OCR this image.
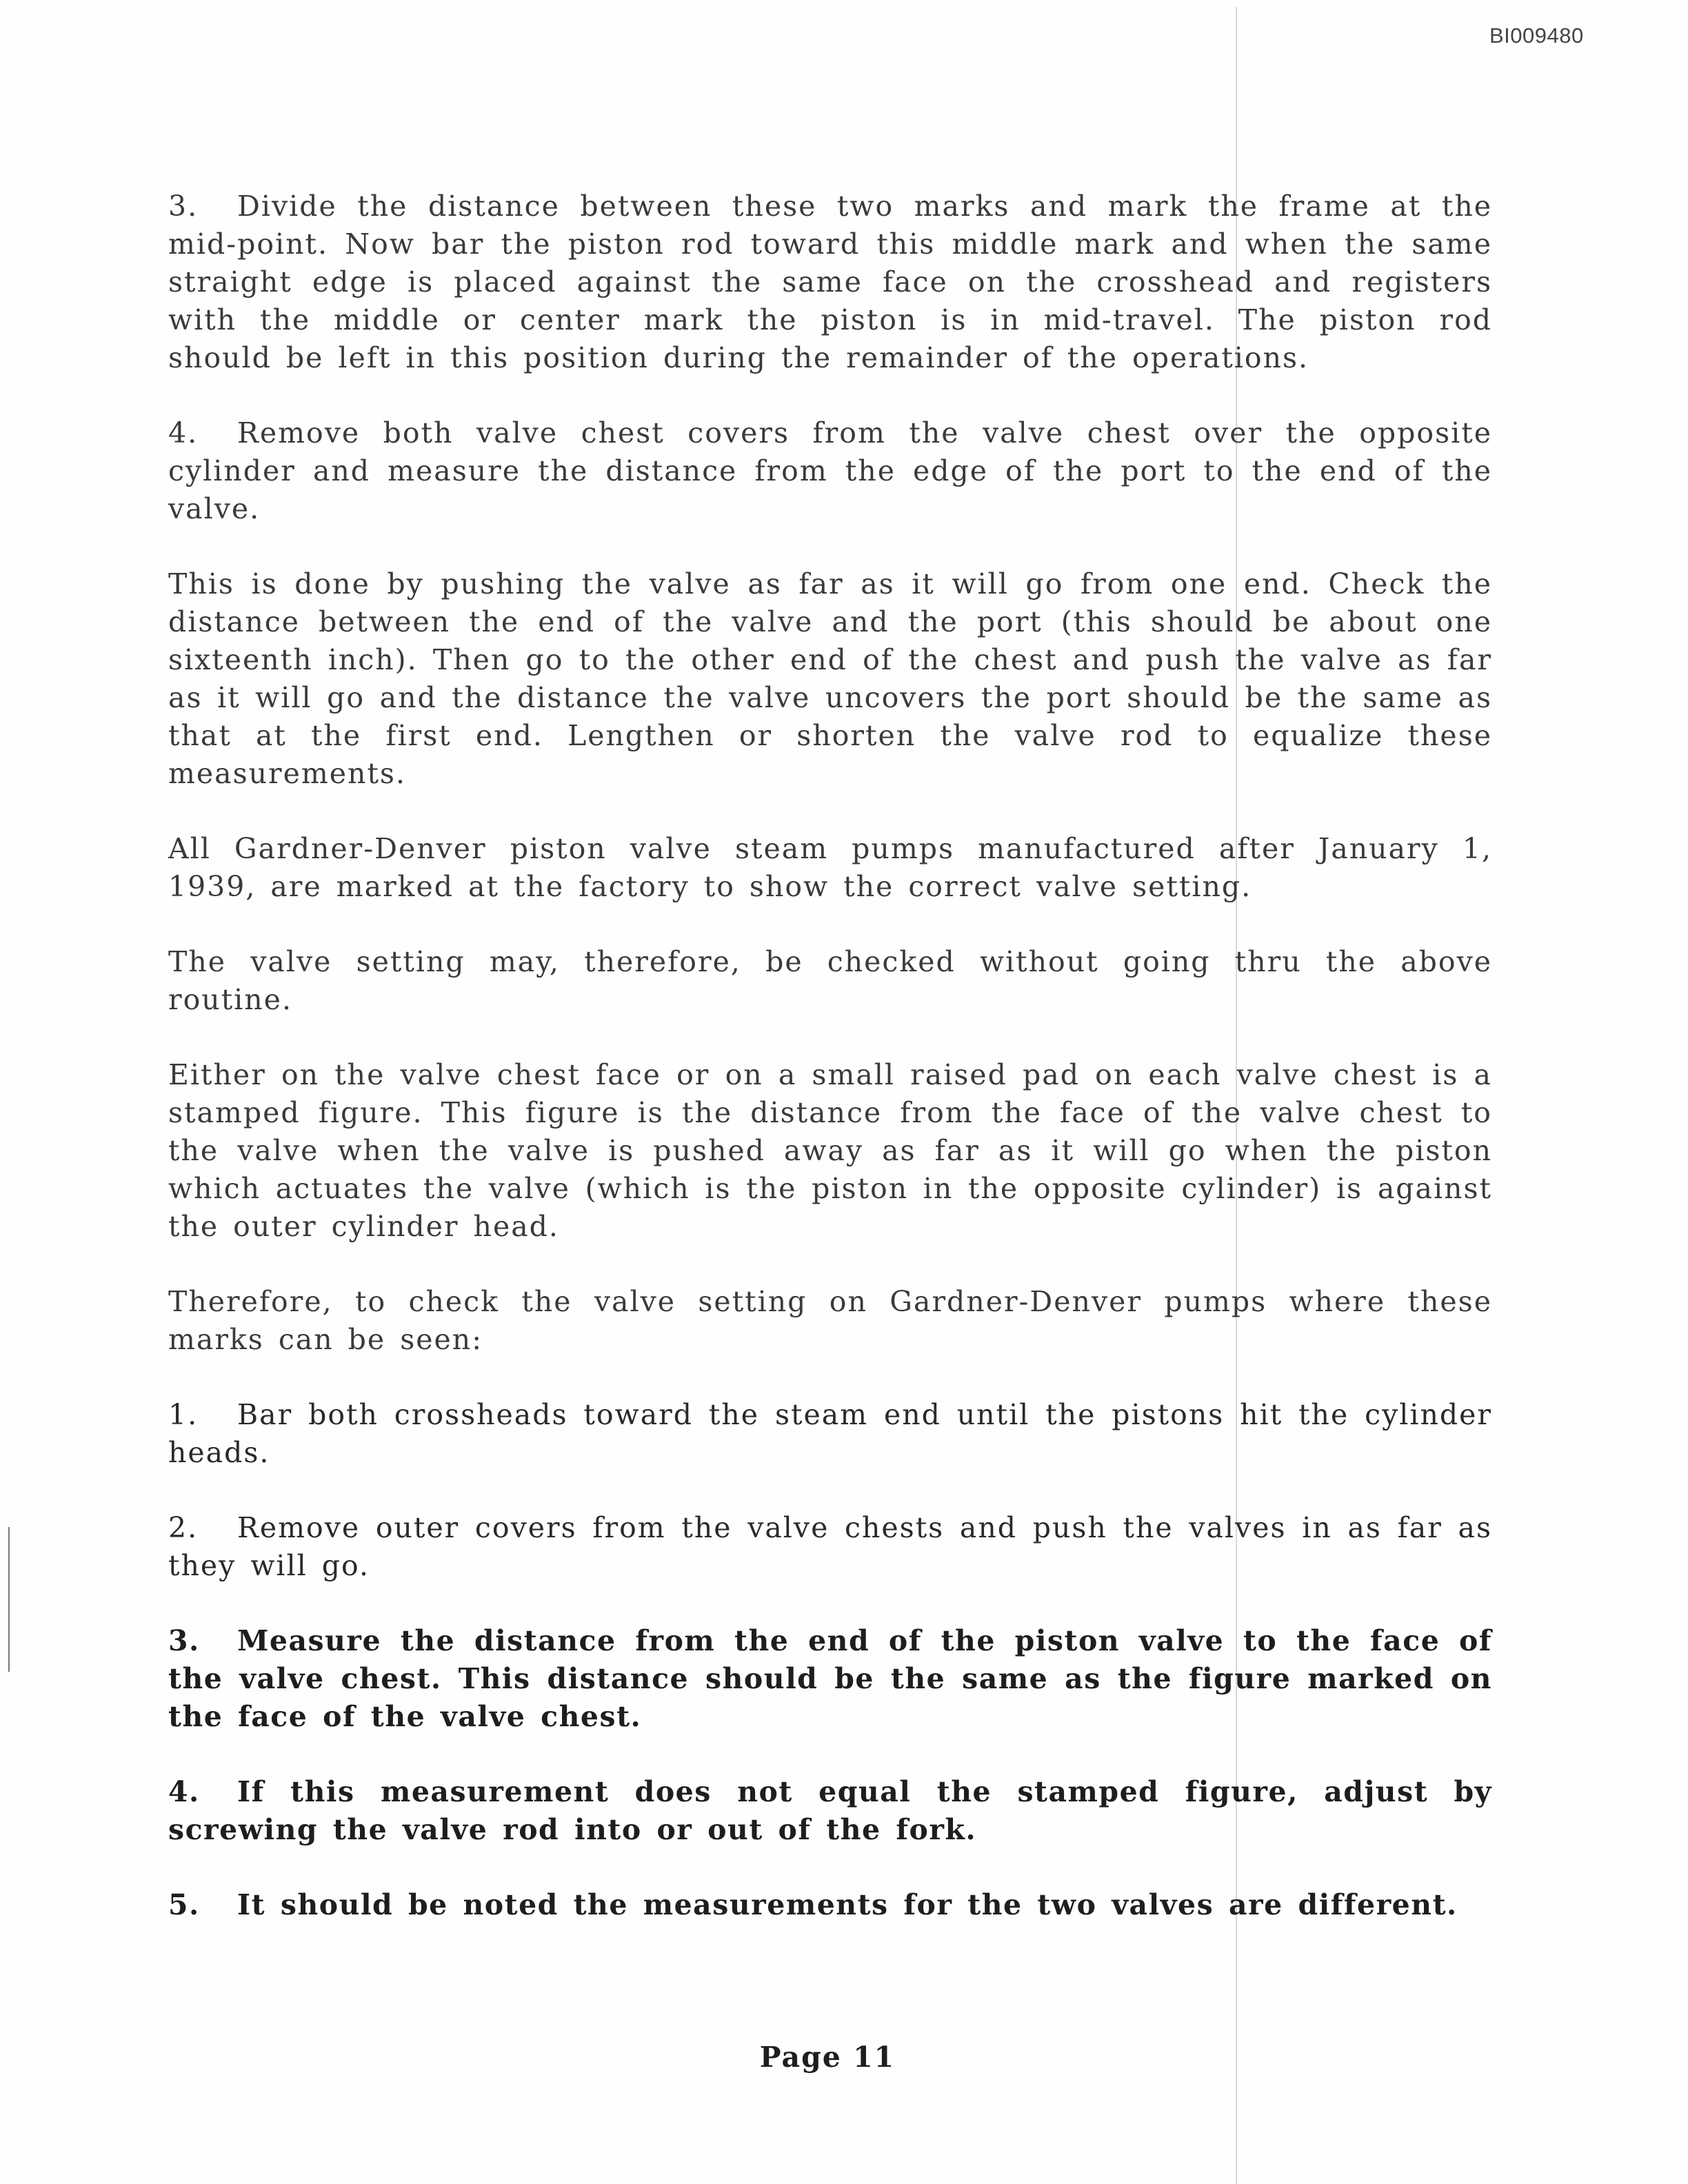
BI009480

3. Divide the distance between these two marks and mark the frame at the mid-point. Now bar the piston rod toward this middle mark and when the same straight edge is placed against the same face on the crosshead and registers with the middle or center mark the piston is in mid-travel. The piston rod should be left in this position during the remainder of the operations.

4. Remove both valve chest covers from the valve chest over the opposite cylinder and measure the distance from the edge of the port to the end of the valve.

This is done by pushing the valve as far as it will go from one end. Check the distance between the end of the valve and the port (this should be about one sixteenth inch). Then go to the other end of the chest and push the valve as far as it will go and the distance the valve uncovers the port should be the same as that at the first end. Lengthen or shorten the valve rod to equalize these measurements.

All Gardner-Denver piston valve steam pumps manufactured after January 1, 1939, are marked at the factory to show the correct valve setting.

The valve setting may, therefore, be checked without going thru the above routine.

Either on the valve chest face or on a small raised pad on each valve chest is a stamped figure. This figure is the distance from the face of the valve chest to the valve when the valve is pushed away as far as it will go when the piston which actuates the valve (which is the piston in the opposite cylinder) is against the outer cylinder head.

Therefore, to check the valve setting on Gardner-Denver pumps where these marks can be seen:

1. Bar both crossheads toward the steam end until the pistons hit the cylinder heads.

2. Remove outer covers from the valve chests and push the valves in as far as they will go.

3. Measure the distance from the end of the piston valve to the face of the valve chest. This distance should be the same as the figure marked on the face of the valve chest.

4. If this measurement does not equal the stamped figure, adjust by screwing the valve rod into or out of the fork.

5. It should be noted the measurements for the two valves are different.

Page 11
